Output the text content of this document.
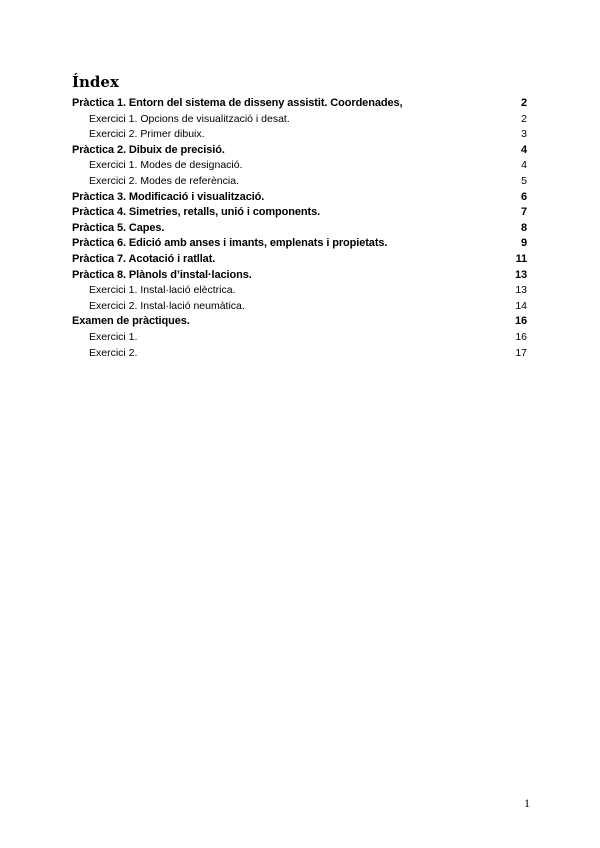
Índex
Pràctica 1. Entorn del sistema de disseny assistit. Coordenades,	2
Exercici 1. Opcions de visualització i desat.	2
Exercici 2. Primer dibuix.	3
Pràctica 2. Dibuix de precisió.	4
Exercici 1. Modes de designació.	4
Exercici 2. Modes de referència.	5
Pràctica 3. Modificació i visualització.	6
Pràctica 4. Simetries, retalls, unió i components.	7
Pràctica 5. Capes.	8
Pràctica 6. Edició amb anses i imants, emplenats i propietats.	9
Pràctica 7. Acotació i ratllat.	11
Pràctica 8. Plànols d’instal·lacions.	13
Exercici 1. Instal·lació elèctrica.	13
Exercici 2. Instal·lació neumàtica.	14
Examen de pràctiques.	16
Exercici 1.	16
Exercici 2.	17
1
